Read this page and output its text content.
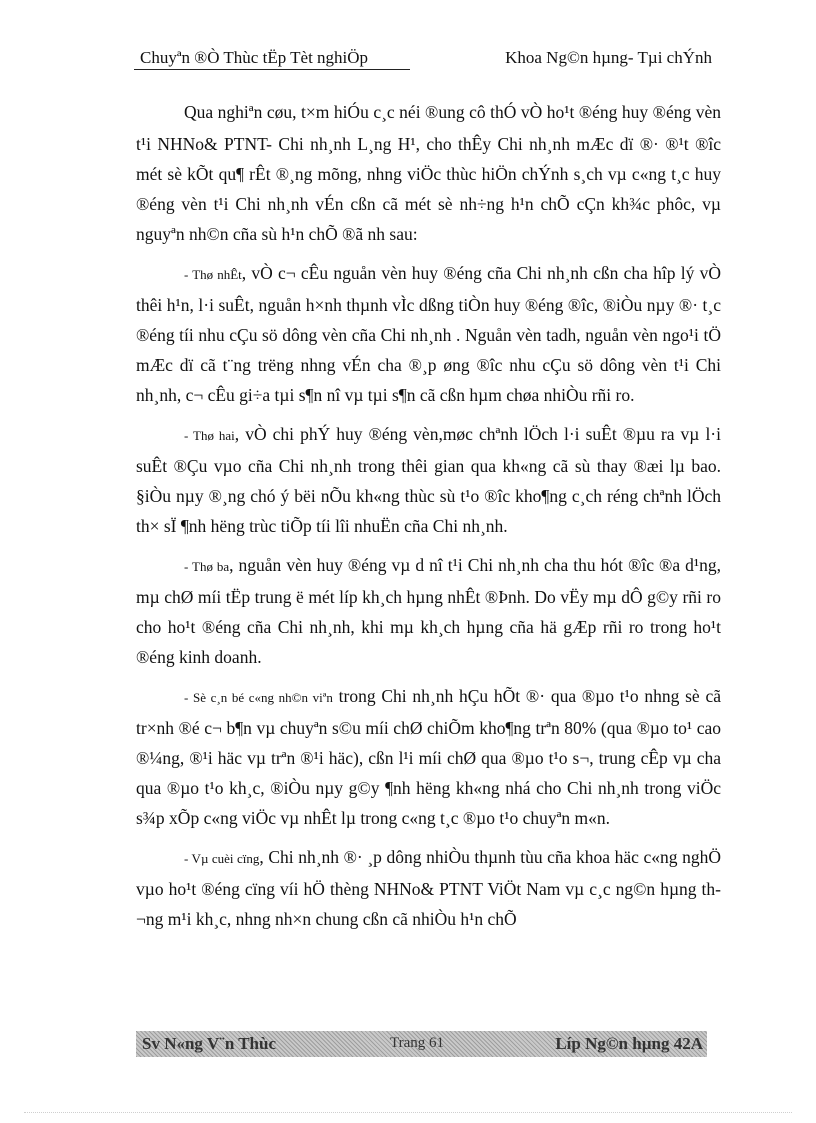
Chuyªn ®Ò Thùc tËp Tèt nghiÖp	Khoa Ng©n hµng- Tµi chÝnh

Qua nghiªn cøu, t×m hiÓu c¸c néi ®ung cô thÓ vÒ ho¹t ®éng huy ®éng vèn t¹i NHNo& PTNT- Chi nh¸nh L¸ng H¹, cho thÊy Chi nh¸nh mÆc dï ®· ®¹t ®îc mét sè kÕt qu¶ rÊt ®¸ng mõng, nhng viÖc thùc hiÖn chÝnh s¸ch vµ c«ng t¸c huy ®éng vèn t¹i Chi nh¸nh vÉn cßn cã mét sè nh÷ng h¹n chÕ cÇn kh¾c phôc, vµ nguyªn nh©n cña sù h¹n chÕ ®ã nh sau:

- Thø nhÊt, vÒ c¬ cÊu nguån vèn huy ®éng cña Chi nh¸nh cßn cha hîp lý vÒ thêi h¹n, l·i suÊt, nguån h×nh thµnh vÌc dßng tiÒn huy ®éng ®îc, ®iÒu nµy ®· t¸c ®éng tíi nhu cÇu sö dông vèn cña Chi nh¸nh . Nguån vèn tadh, nguån vèn ngo¹i tÖ mÆc dï cã t¨ng trëng nhng vÉn cha ®¸p øng ®îc nhu cÇu sö dông vèn t¹i Chi nh¸nh, c¬ cÊu gi÷a tµi s¶n nî vµ tµi s¶n cã cßn hµm chøa nhiÒu rñi ro.

- Thø hai, vÒ chi phÝ huy ®éng vèn,møc chªnh lÖch l·i suÊt ®µu ra vµ l·i suÊt ®Çu vµo cña Chi nh¸nh trong thêi gian qua kh«ng cã sù thay ®æi lµ bao. §iÒu nµy ®¸ng chó ý bëi nÕu kh«ng thùc sù t¹o ®îc kho¶ng c¸ch réng chªnh lÖch th× sÏ ¶nh hëng trùc tiÕp tíi lîi nhuËn cña Chi nh¸nh.

- Thø ba, nguån vèn huy ®éng vµ d nî t¹i Chi nh¸nh cha thu hót ®îc ®a d¹ng, mµ chØ míi tËp trung ë mét líp kh¸ch hµng nhÊt ®Þnh. Do vËy mµ dÔ g©y rñi ro cho ho¹t ®éng cña Chi nh¸nh, khi mµ kh¸ch hµng cña hä gÆp rñi ro trong ho¹t ®éng kinh doanh.

- Sè c¸n bé c«ng nh©n viªn trong Chi nh¸nh hÇu hÕt ®· qua ®µo t¹o nhng sè cã tr×nh ®é c¬ b¶n vµ chuyªn s©u míi chØ chiÕm kho¶ng trªn 80% (qua ®µo to¹ cao ®¼ng, ®¹i häc vµ trªn ®¹i häc), cßn l¹i míi chØ qua ®µo t¹o s¬, trung cÊp vµ cha qua ®µo t¹o kh¸c, ®iÒu nµy g©y ¶nh hëng kh«ng nhá cho Chi nh¸nh trong viÖc s¾p xÕp c«ng viÖc vµ nhÊt lµ trong c«ng t¸c ®µo t¹o chuyªn m«n.

- Vµ cuèi cïng, Chi nh¸nh ®· ¸p dông nhiÒu thµnh tùu cña khoa häc c«ng nghÖ vµo ho¹t ®éng cïng víi hÖ thèng NHNo& PTNT ViÖt Nam vµ c¸c ng©n hµng th¬ng m¹i kh¸c, nhng nh×n chung cßn cã nhiÒu h¹n chÕ

Sv N«ng V¨n Thùc	Trang 61	Líp Ng©n hµng 42A
